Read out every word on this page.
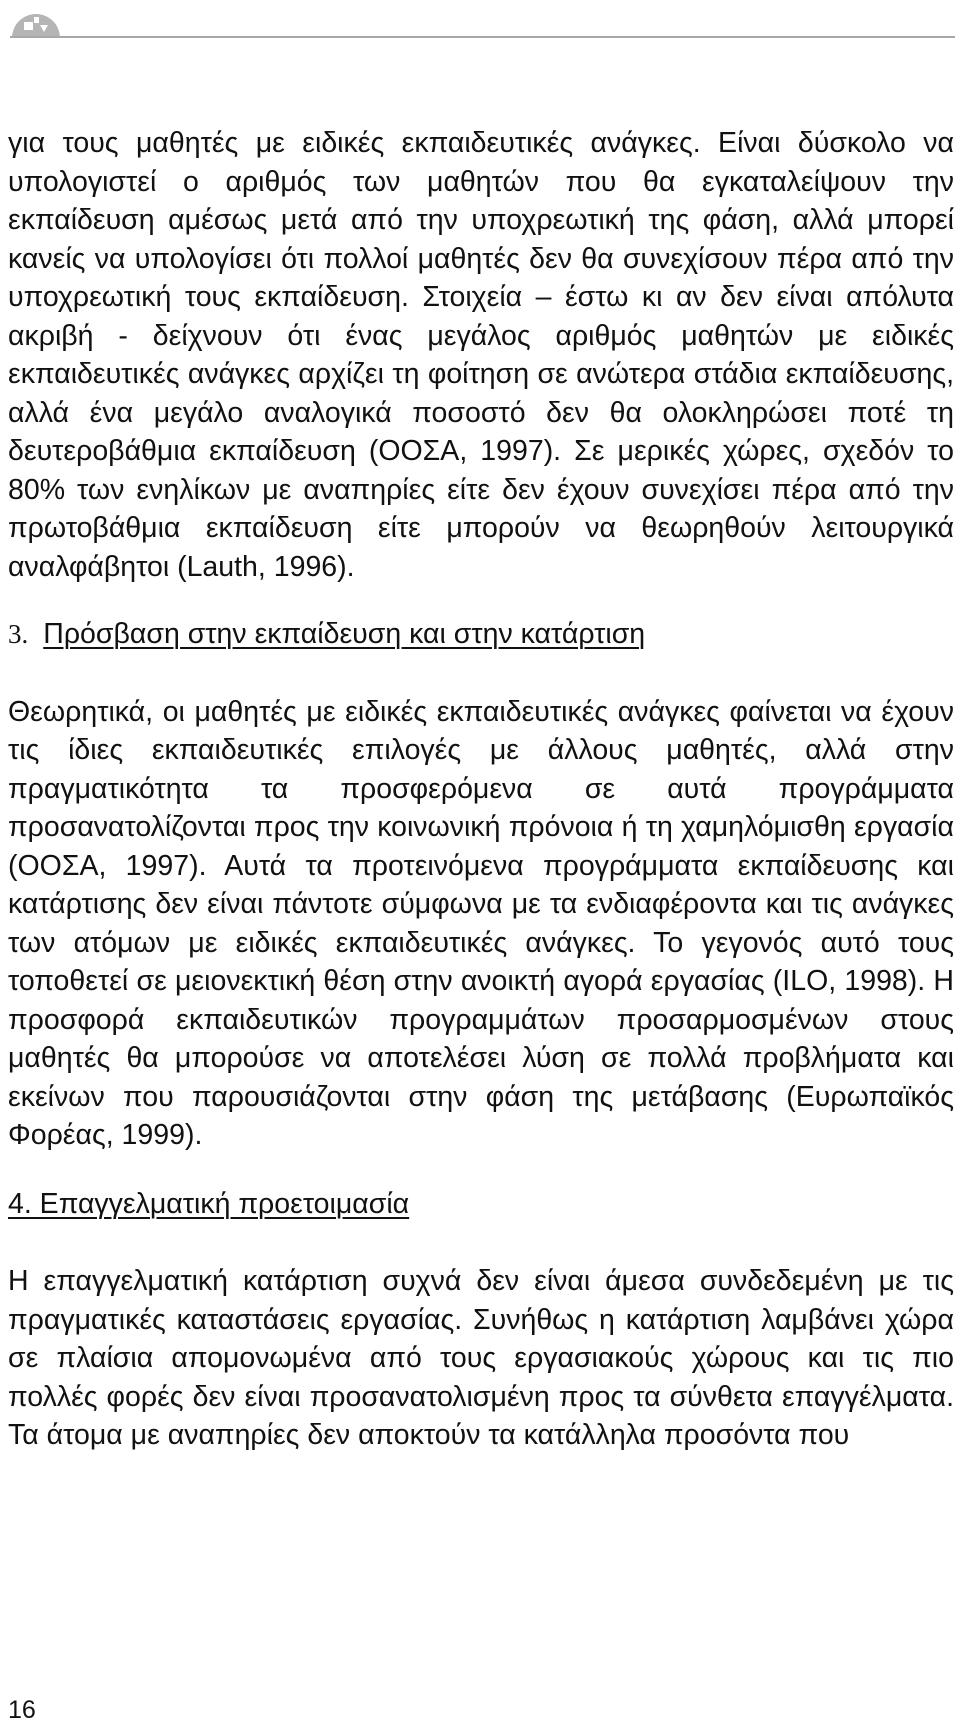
για τους μαθητές με ειδικές εκπαιδευτικές ανάγκες. Είναι δύσκολο να υπολογιστεί ο αριθμός των μαθητών που θα εγκαταλείψουν την εκπαίδευση αμέσως μετά από την υποχρεωτική της φάση, αλλά μπορεί κανείς να υπολογίσει ότι πολλοί μαθητές δεν θα συνεχίσουν πέρα από την υποχρεωτική τους εκπαίδευση. Στοιχεία – έστω κι αν δεν είναι απόλυτα ακριβή - δείχνουν ότι ένας μεγάλος αριθμός μαθητών με ειδικές εκπαιδευτικές ανάγκες αρχίζει τη φοίτηση σε ανώτερα στάδια εκπαίδευσης, αλλά ένα μεγάλο αναλογικά ποσοστό δεν θα ολοκληρώσει ποτέ τη δευτεροβάθμια εκπαίδευση (ΟΟΣΑ, 1997). Σε μερικές χώρες, σχεδόν το 80% των ενηλίκων με αναπηρίες είτε δεν έχουν συνεχίσει πέρα από την πρωτοβάθμια εκπαίδευση είτε μπορούν να θεωρηθούν λειτουργικά αναλφάβητοι (Lauth, 1996).

3. Πρόσβαση στην εκπαίδευση και στην κατάρτιση

Θεωρητικά, οι μαθητές με ειδικές εκπαιδευτικές ανάγκες φαίνεται να έχουν τις ίδιες εκπαιδευτικές επιλογές με άλλους μαθητές, αλλά στην πραγματικότητα τα προσφερόμενα σε αυτά προγράμματα προσανατολίζονται προς την κοινωνική πρόνοια ή τη χαμηλόμισθη εργασία (ΟΟΣΑ, 1997). Αυτά τα προτεινόμενα προγράμματα εκπαίδευσης και κατάρτισης δεν είναι πάντοτε σύμφωνα με τα ενδιαφέροντα και τις ανάγκες των ατόμων με ειδικές εκπαιδευτικές ανάγκες. Το γεγονός αυτό τους τοποθετεί σε μειονεκτική θέση στην ανοικτή αγορά εργασίας (ILO, 1998). Η προσφορά εκπαιδευτικών προγραμμάτων προσαρμοσμένων στους μαθητές θα μπορούσε να αποτελέσει λύση σε πολλά προβλήματα και εκείνων που παρουσιάζονται στην φάση της μετάβασης (Ευρωπαϊκός Φορέας, 1999).

4. Επαγγελματική προετοιμασία

Η επαγγελματική κατάρτιση συχνά δεν είναι άμεσα συνδεδεμένη με τις πραγματικές καταστάσεις εργασίας. Συνήθως η κατάρτιση λαμβάνει χώρα σε πλαίσια απομονωμένα από τους εργασιακούς χώρους και τις πιο πολλές φορές δεν είναι προσανατολισμένη προς τα σύνθετα επαγγέλματα. Τα άτομα με αναπηρίες δεν αποκτούν τα κατάλληλα προσόντα που

16
